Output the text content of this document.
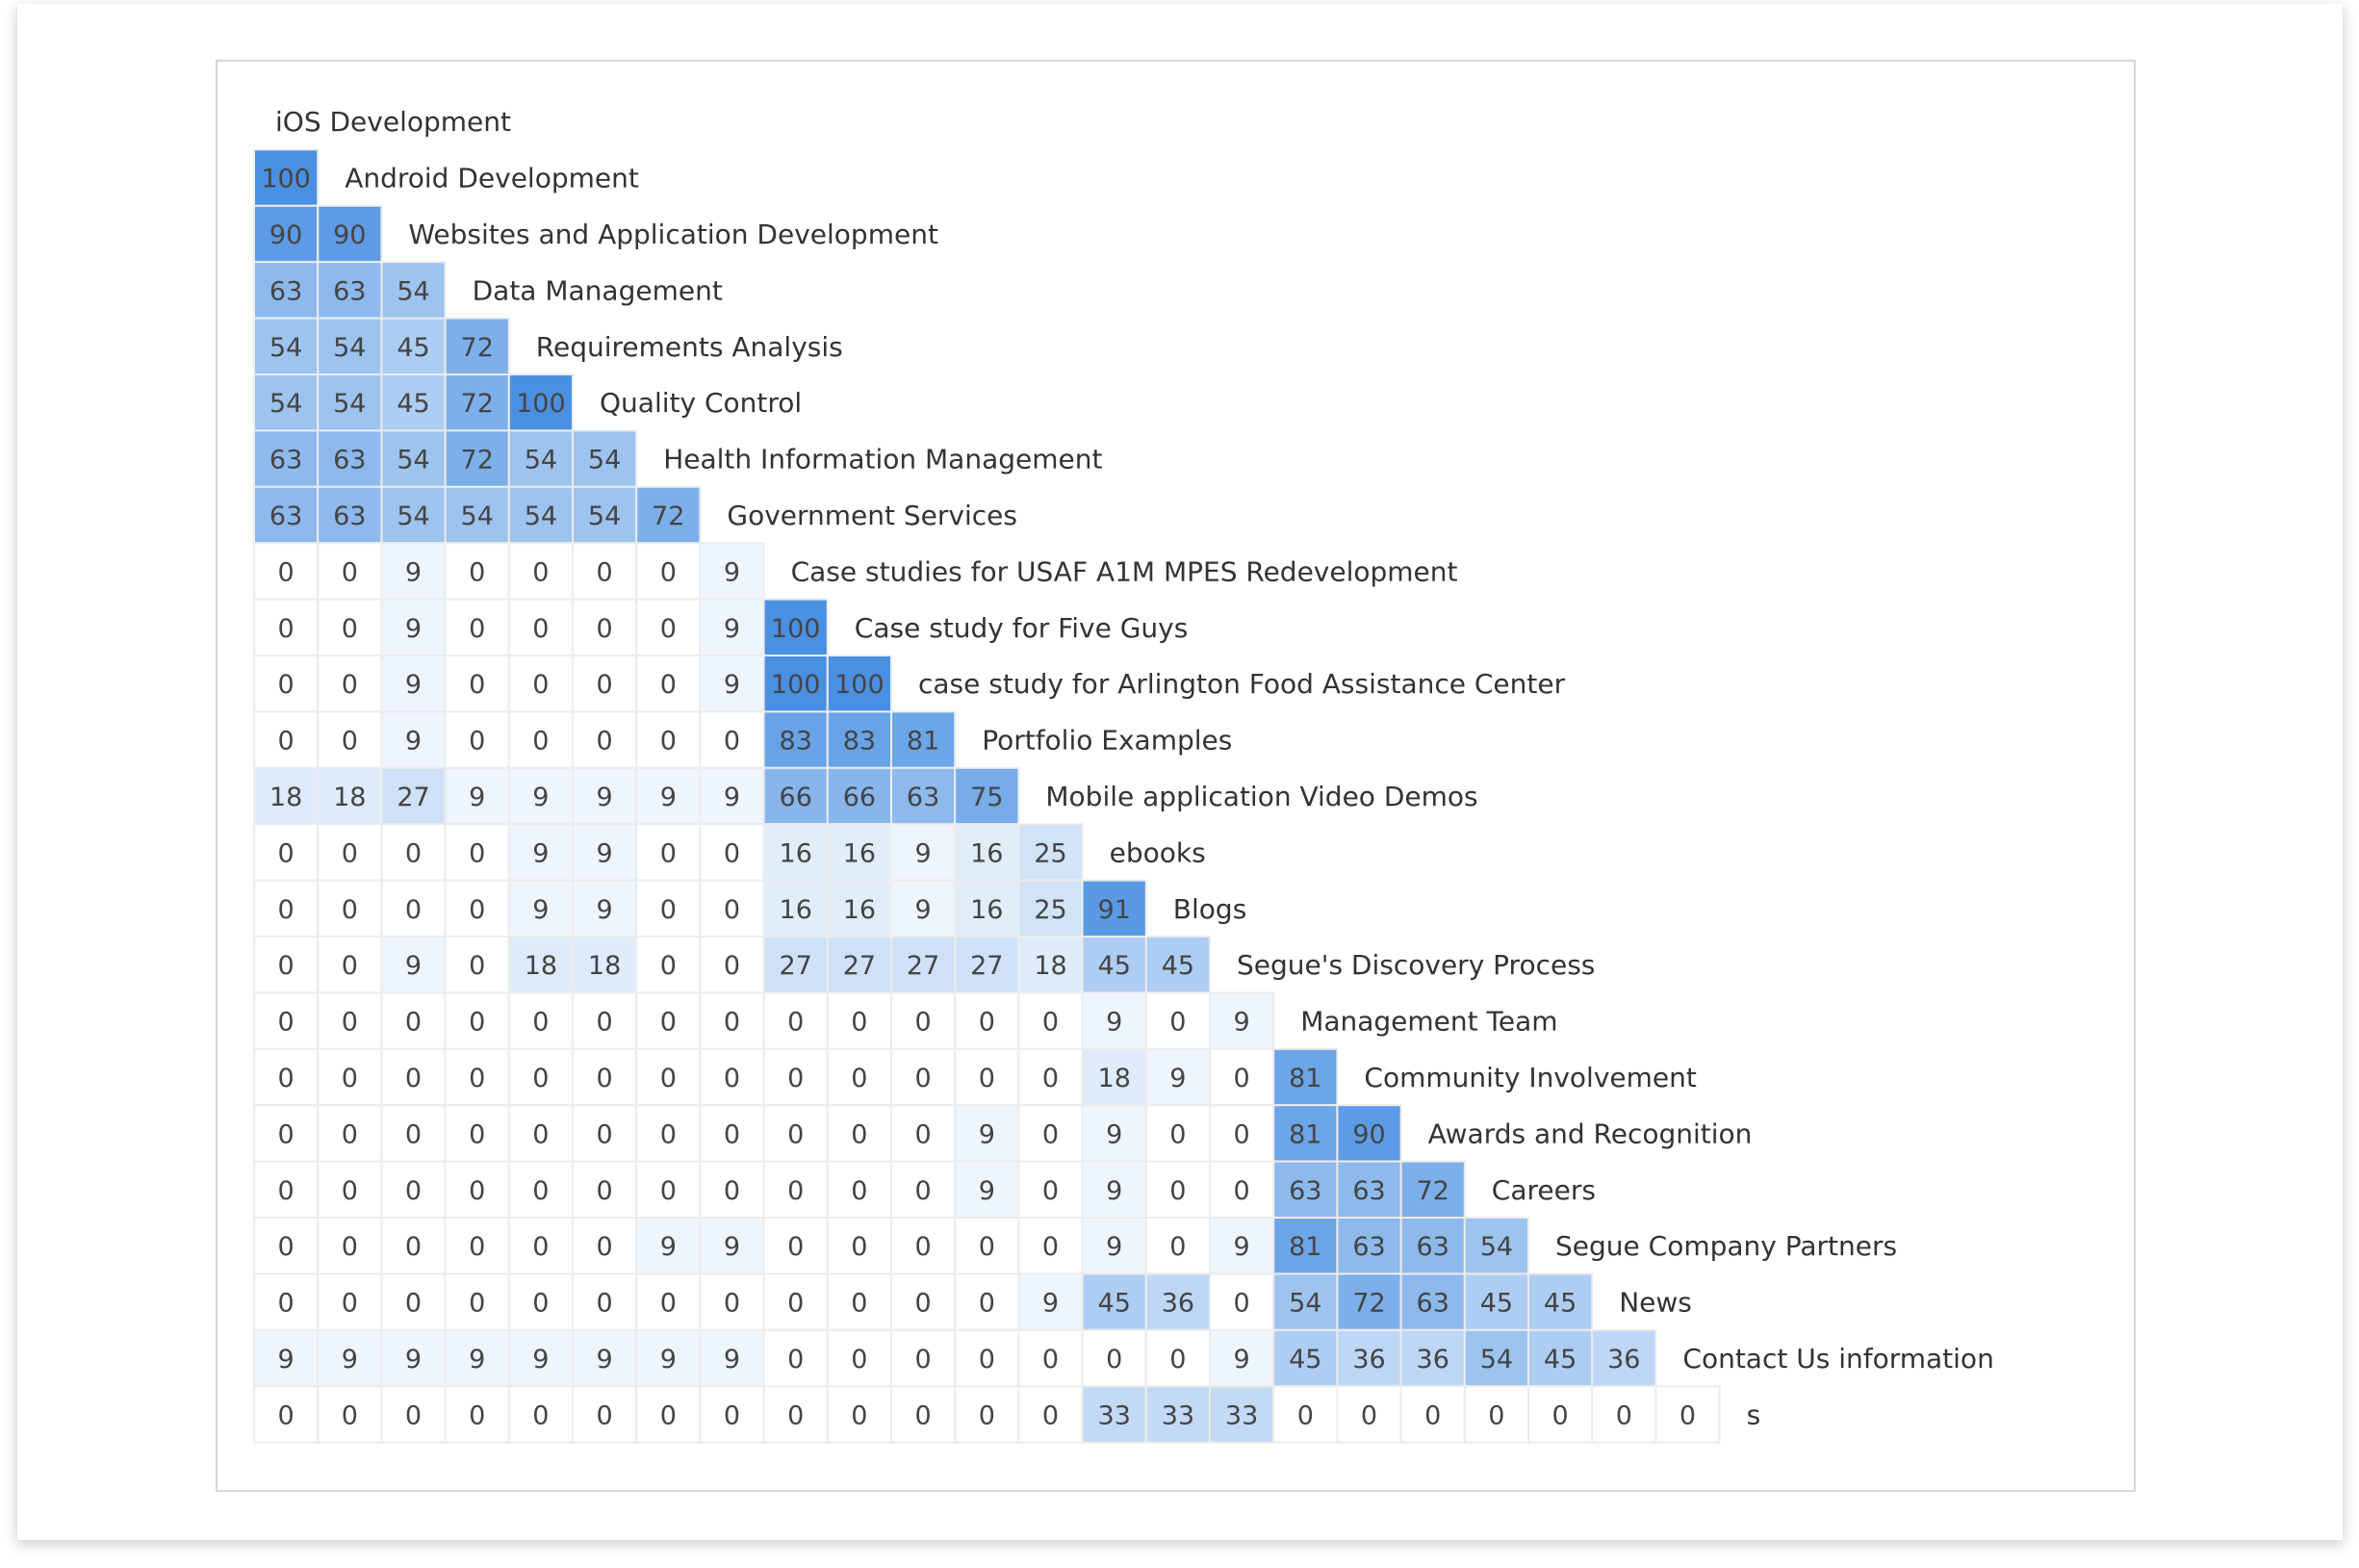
iOS Development
100 Android Development
90 90 Websites and Application Development
63 63 54 Data Management
54 54 45 72 Requirements Analysis
54 54 45 72 100 Quality Control
63 63 54 72 54 54 Health Information Management
63 63 54 54 54 54 72 Government Services
0 0 9 0 0 0 0 9 Case studies for USAF A1M MPES Redevelopment
0 0 9 0 0 0 0 9 100 Case study for Five Guys
0 0 9 0 0 0 0 9 100 100 case study for Arlington Food Assistance Center
0 0 9 0 0 0 0 0 83 83 81 Portfolio Examples
18 18 27 9 9 9 9 9 66 66 63 75 Mobile application Video Demos
0 0 0 0 9 9 0 0 16 16 9 16 25 ebooks
0 0 0 0 9 9 0 0 16 16 9 16 25 91 Blogs
0 0 9 0 18 18 0 0 27 27 27 27 18 45 45 Segue's Discovery Process
0 0 0 0 0 0 0 0 0 0 0 0 0 9 0 9 Management Team
0 0 0 0 0 0 0 0 0 0 0 0 0 18 9 0 81 Community Involvement
0 0 0 0 0 0 0 0 0 0 0 9 0 9 0 0 81 90 Awards and Recognition
0 0 0 0 0 0 0 0 0 0 0 9 0 9 0 0 63 63 72 Careers
0 0 0 0 0 0 9 9 0 0 0 0 0 9 0 9 81 63 63 54 Segue Company Partners
0 0 0 0 0 0 0 0 0 0 0 0 9 45 36 0 54 72 63 45 45 News
9 9 9 9 9 9 9 9 0 0 0 0 0 0 0 9 45 36 36 54 45 36 Contact Us information
0 0 0 0 0 0 0 0 0 0 0 0 0 33 33 33 0 0 0 0 0 0 0 s
